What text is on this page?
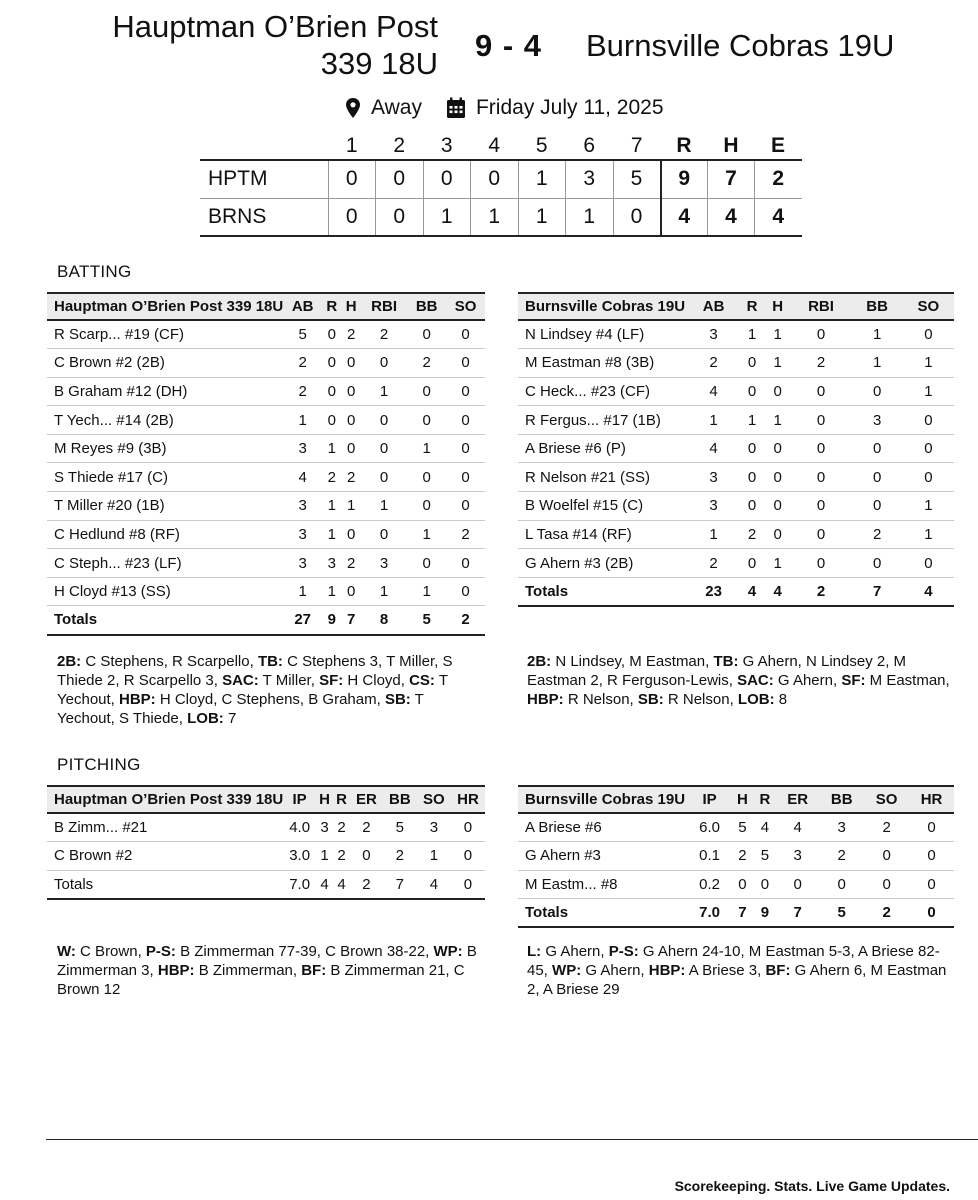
Hauptman O’Brien Post
339 18U
9 - 4 Burnsville Cobras 19U
Away	Friday July 11, 2025
	1	2	3	4	5	6	7	R	H	E
HPTM	0	0	0	0	1	3	5	9	7	2
BRNS	0	0	1	1	1	1	0	4	4	4
BATTING
Hauptman O’Brien Post 339 18U	AB	R	H	RBI	BB	SO
R Scarp... #19 (CF)	5	0	2	2	0	0
C Brown #2 (2B)	2	0	0	0	2	0
B Graham #12 (DH)	2	0	0	1	0	0
T Yech... #14 (2B)	1	0	0	0	0	0
M Reyes #9 (3B)	3	1	0	0	1	0
S Thiede #17 (C)	4	2	2	0	0	0
T Miller #20 (1B)	3	1	1	1	0	0
C Hedlund #8 (RF)	3	1	0	0	1	2
C Steph... #23 (LF)	3	3	2	3	0	0
H Cloyd #13 (SS)	1	1	0	1	1	0
Totals	27	9	7	8	5	2
Burnsville Cobras 19U	AB	R	H	RBI	BB	SO
N Lindsey #4 (LF)	3	1	1	0	1	0
M Eastman #8 (3B)	2	0	1	2	1	1
C Heck... #23 (CF)	4	0	0	0	0	1
R Fergus... #17 (1B)	1	1	1	0	3	0
A Briese #6 (P)	4	0	0	0	0	0
R Nelson #21 (SS)	3	0	0	0	0	0
B Woelfel #15 (C)	3	0	0	0	0	1
L Tasa #14 (RF)	1	2	0	0	2	1
G Ahern #3 (2B)	2	0	1	0	0	0
Totals	23	4	4	2	7	4
2B: C Stephens, R Scarpello, TB: C Stephens 3, T Miller, S Thiede 2, R Scarpello 3, SAC: T Miller, SF: H Cloyd, CS: T Yechout, HBP: H Cloyd, C Stephens, B Graham, SB: T Yechout, S Thiede, LOB: 7
2B: N Lindsey, M Eastman, TB: G Ahern, N Lindsey 2, M Eastman 2, R Ferguson-Lewis, SAC: G Ahern, SF: M Eastman, HBP: R Nelson, SB: R Nelson, LOB: 8
PITCHING
Hauptman O’Brien Post 339 18U	IP	H	R	ER	BB	SO	HR
B Zimm... #21	4.0	3	2	2	5	3	0
C Brown #2	3.0	1	2	0	2	1	0
Totals	7.0	4	4	2	7	4	0
Burnsville Cobras 19U	IP	H	R	ER	BB	SO	HR
A Briese #6	6.0	5	4	4	3	2	0
G Ahern #3	0.1	2	5	3	2	0	0
M Eastm... #8	0.2	0	0	0	0	0	0
Totals	7.0	7	9	7	5	2	0
W: C Brown, P-S: B Zimmerman 77-39, C Brown 38-22, WP: B Zimmerman 3, HBP: B Zimmerman, BF: B Zimmerman 21, C Brown 12
L: G Ahern, P-S: G Ahern 24-10, M Eastman 5-3, A Briese 82-45, WP: G Ahern, HBP: A Briese 3, BF: G Ahern 6, M Eastman 2, A Briese 29
Scorekeeping. Stats. Live Game Updates.
